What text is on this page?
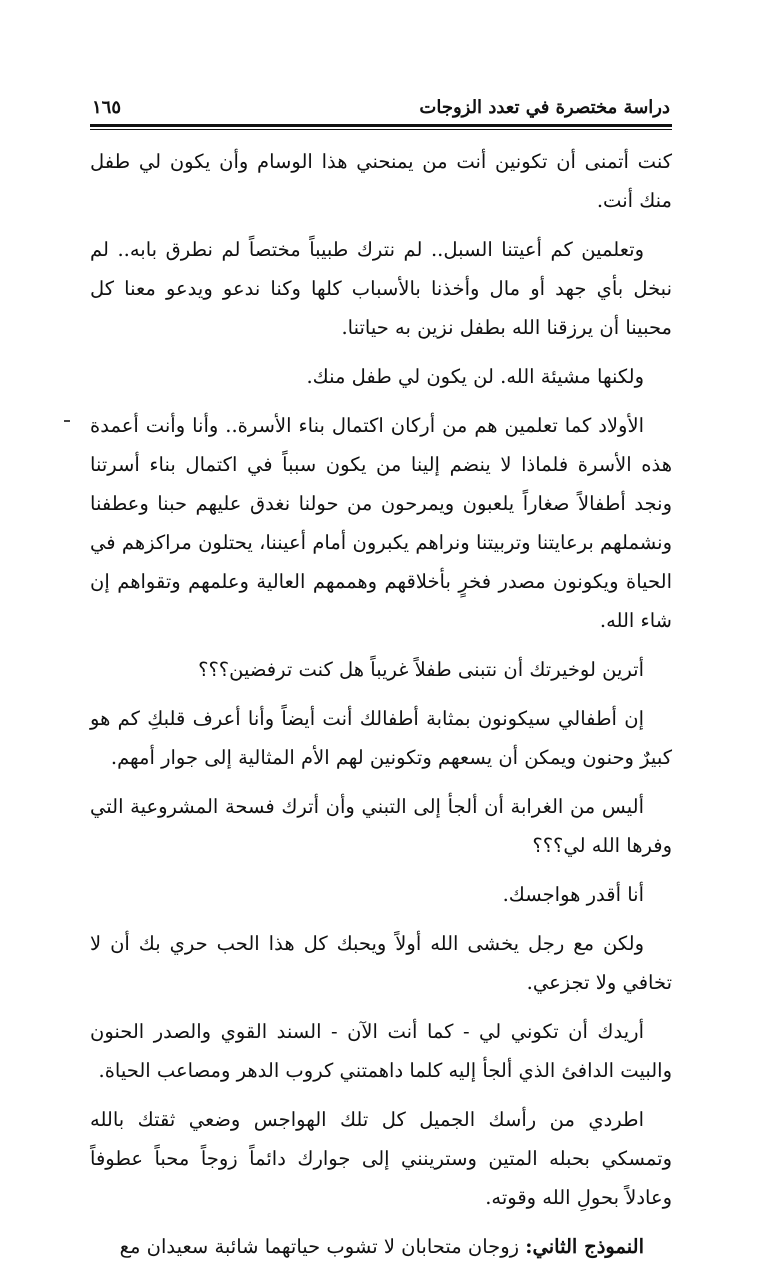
دراسة مختصرة في تعدد الزوجات
١٦٥

كنت أتمنى أن تكونين أنت من يمنحني هذا الوسام وأن يكون لي طفل منك أنت.

وتعلمين كم أعيتنا السبل.. لم نترك طبيباً مختصاً لم نطرق بابه.. لم نبخل بأي جهد أو مال وأخذنا بالأسباب كلها وكنا ندعو ويدعو معنا كل محبينا أن يرزقنا الله بطفل نزين به حياتنا.

ولكنها مشيئة الله. لن يكون لي طفل منك.

الأولاد كما تعلمين هم من أركان اكتمال بناء الأسرة.. وأنا وأنت أعمدة هذه الأسرة فلماذا لا ينضم إلينا من يكون سبباً في اكتمال بناء أسرتنا ونجد أطفالاً صغاراً يلعبون ويمرحون من حولنا نغدق عليهم حبنا وعطفنا ونشملهم برعايتنا وتربيتنا ونراهم يكبرون أمام أعيننا، يحتلون مراكزهم في الحياة ويكونون مصدر فخرٍ بأخلاقهم وهممهم العالية وعلمهم وتقواهم إن شاء الله.

أترين لوخيرتك أن نتبنى طفلاً غريباً هل كنت ترفضين؟؟؟

إن أطفالي سيكونون بمثابة أطفالك أنت أيضاً وأنا أعرف قلبكِ كم هو كبيرٌ وحنون ويمكن أن يسعهم وتكونين لهم الأم المثالية إلى جوار أمهم.

أليس من الغرابة أن ألجأ إلى التبني وأن أترك فسحة المشروعية التي وفرها الله لي؟؟؟

أنا أقدر هواجسك.

ولكن مع رجل يخشى الله أولاً ويحبك كل هذا الحب حري بك أن لا تخافي ولا تجزعي.

أريدك أن تكوني لي - كما أنت الآن - السند القوي والصدر الحنون والبيت الدافئ الذي ألجأ إليه كلما داهمتني كروب الدهر ومصاعب الحياة.

اطردي من رأسك الجميل كل تلك الهواجس وضعي ثقتك بالله وتمسكي بحبله المتين وسترينني إلى جوارك دائماً زوجاً محباً عطوفاً وعادلاً بحولِ الله وقوته.

النموذج الثاني: زوجان متحابان لا تشوب حياتهما شائبة سعيدان مع
